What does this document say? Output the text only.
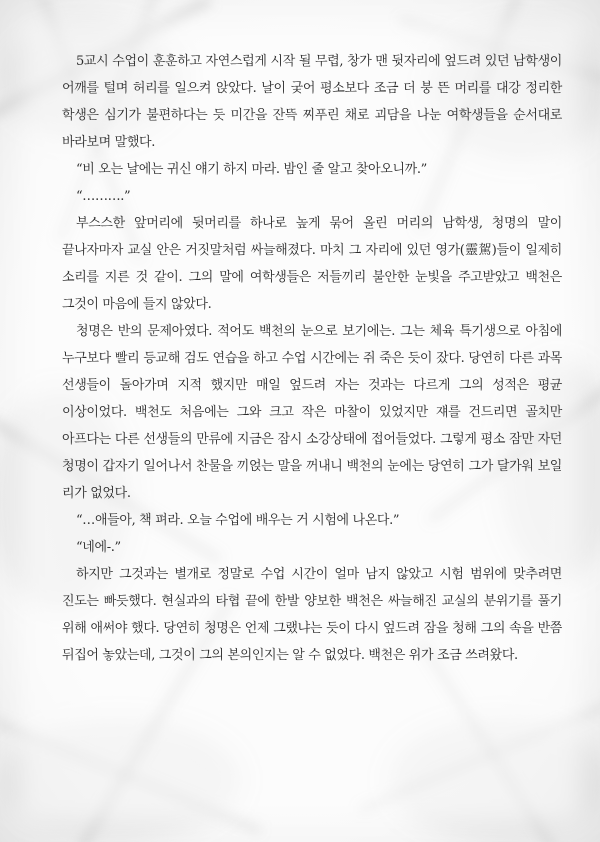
5교시 수업이 훈훈하고 자연스럽게 시작 될 무렵, 창가 맨 뒷자리에 엎드려 있던 남학생이 어깨를 털며 허리를 일으켜 앉았다. 날이 궂어 평소보다 조금 더 붕 뜬 머리를 대강 정리한 학생은 심기가 불편하다는 듯 미간을 잔뜩 찌푸린 채로 괴담을 나눈 여학생들을 순서대로 바라보며 말했다.

“비 오는 날에는 귀신 얘기 하지 마라. 밤인 줄 알고 찾아오니까.”

“……….”

부스스한 앞머리에 뒷머리를 하나로 높게 묶어 올린 머리의 남학생, 청명의 말이 끝나자마자 교실 안은 거짓말처럼 싸늘해졌다. 마치 그 자리에 있던 영가(靈駕)들이 일제히 소리를 지른 것 같이. 그의 말에 여학생들은 저들끼리 불안한 눈빛을 주고받았고 백천은 그것이 마음에 들지 않았다.

청명은 반의 문제아였다. 적어도 백천의 눈으로 보기에는. 그는 체육 특기생으로 아침에 누구보다 빨리 등교해 검도 연습을 하고 수업 시간에는 쥐 죽은 듯이 잤다. 당연히 다른 과목 선생들이 돌아가며 지적 했지만 매일 엎드려 자는 것과는 다르게 그의 성적은 평균 이상이었다. 백천도 처음에는 그와 크고 작은 마찰이 있었지만 쟤를 건드리면 골치만 아프다는 다른 선생들의 만류에 지금은 잠시 소강상태에 접어들었다. 그렇게 평소 잠만 자던 청명이 갑자기 일어나서 찬물을 끼얹는 말을 꺼내니 백천의 눈에는 당연히 그가 달가워 보일 리가 없었다.

“…애들아, 책 펴라. 오늘 수업에 배우는 거 시험에 나온다.”

“네에-.”

하지만 그것과는 별개로 정말로 수업 시간이 얼마 남지 않았고 시험 범위에 맞추려면 진도는 빠듯했다. 현실과의 타협 끝에 한발 양보한 백천은 싸늘해진 교실의 분위기를 풀기 위해 애써야 했다. 당연히 청명은 언제 그랬냐는 듯이 다시 엎드려 잠을 청해 그의 속을 반쯤 뒤집어 놓았는데, 그것이 그의 본의인지는 알 수 없었다. 백천은 위가 조금 쓰려왔다.
